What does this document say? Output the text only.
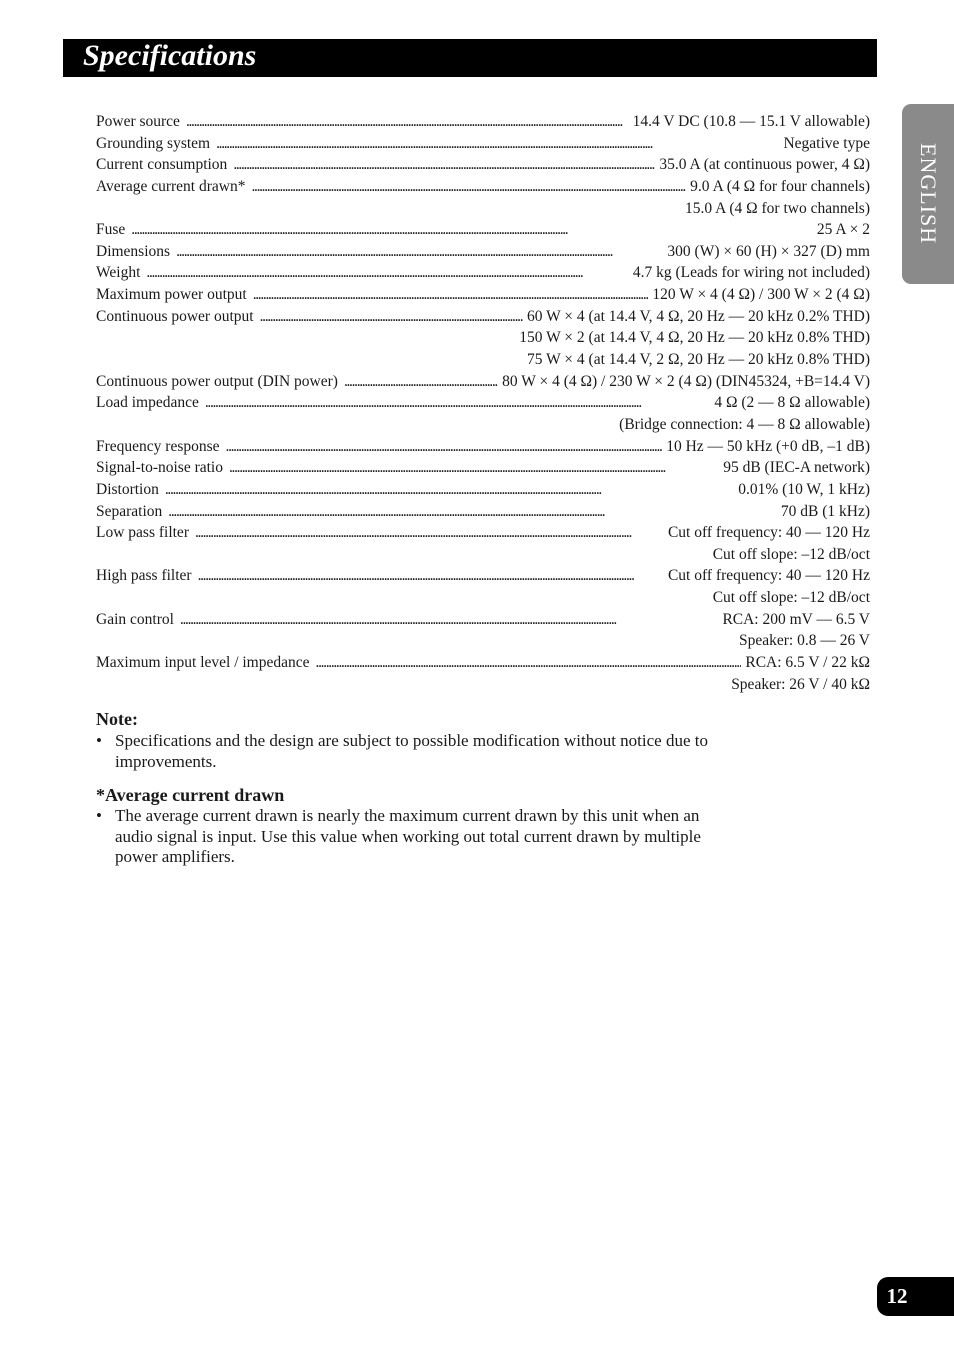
Specifications
ENGLISH
Power source . . .	14.4 V DC (10.8 — 15.1 V allowable)
Grounding system . . .	Negative type
Current consumption . . .	35.0 A (at continuous power, 4 Ω)
Average current drawn* . . .	9.0 A (4 Ω for four channels)
15.0 A (4 Ω for two channels)
Fuse . . .	25 A × 2
Dimensions . . .	300 (W) × 60 (H) × 327 (D) mm
Weight . . .	4.7 kg (Leads for wiring not included)
Maximum power output . . .	120 W × 4 (4 Ω) / 300 W × 2 (4 Ω)
Continuous power output . . .	60 W × 4 (at 14.4 V, 4 Ω, 20 Hz — 20 kHz 0.2% THD)
150 W × 2 (at 14.4 V, 4 Ω, 20 Hz — 20 kHz 0.8% THD)
75 W × 4 (at 14.4 V, 2 Ω, 20 Hz — 20 kHz 0.8% THD)
Continuous power output (DIN power) . . .	80 W × 4 (4 Ω) / 230 W × 2 (4 Ω) (DIN45324, +B=14.4 V)
Load impedance . . .	4 Ω (2 — 8 Ω allowable)
(Bridge connection: 4 — 8 Ω allowable)
Frequency response . . .	10 Hz — 50 kHz (+0 dB, –1 dB)
Signal-to-noise ratio . . .	95 dB (IEC-A network)
Distortion . . .	0.01% (10 W, 1 kHz)
Separation . . .	70 dB (1 kHz)
Low pass filter . . .	Cut off frequency: 40 — 120 Hz
Cut off slope: –12 dB/oct
High pass filter . . .	Cut off frequency: 40 — 120 Hz
Cut off slope: –12 dB/oct
Gain control . . .	RCA: 200 mV — 6.5 V
Speaker: 0.8 — 26 V
Maximum input level / impedance . . .	RCA: 6.5 V / 22 kΩ
Speaker: 26 V / 40 kΩ
Note:
• Specifications and the design are subject to possible modification without notice due to improvements.
*Average current drawn
• The average current drawn is nearly the maximum current drawn by this unit when an audio signal is input. Use this value when working out total current drawn by multiple power amplifiers.
12
